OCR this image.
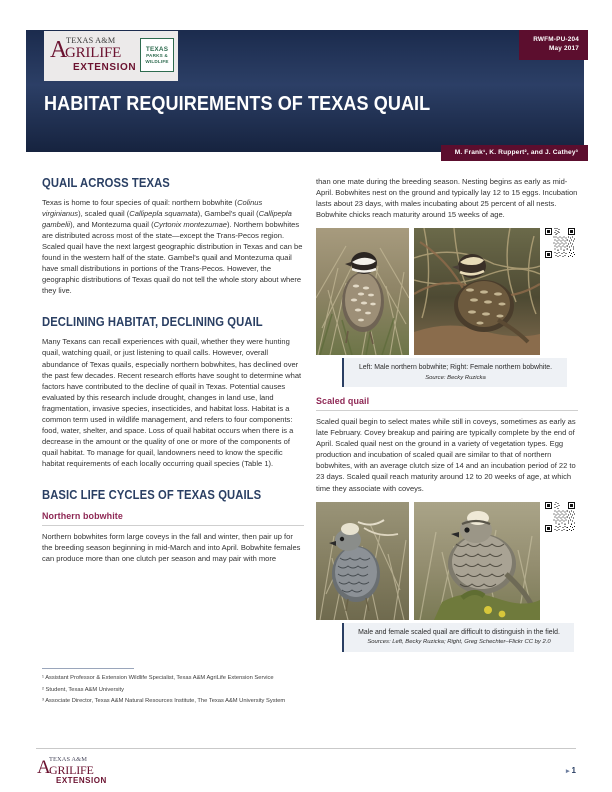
A
TEXAS A&M
GRILIFE
EXTENSION
TEXAS
PARKS &
WILDLIFE
RWFM-PU-204
May 2017
HABITAT REQUIREMENTS OF TEXAS QUAIL
M. Frank¹, K. Ruppert², and J. Cathey³
QUAIL ACROSS TEXAS

Texas is home to four species of quail: northern bobwhite (Colinus virginianus), scaled quail (Callipepla squamata), Gambel's quail (Callipepla gambelii), and Montezuma quail (Cyrtonix montezumae). Northern bobwhites are distributed across most of the state—except the Trans-Pecos region. Scaled quail have the next largest geographic distribution in Texas and can be found in the western half of the state. Gambel's quail and Montezuma quail have small distributions in portions of the Trans-Pecos. However, the geographic distributions of Texas quail do not tell the whole story about where they live.

DECLINING HABITAT, DECLINING QUAIL

Many Texans can recall experiences with quail, whether they were hunting quail, watching quail, or just listening to quail calls. However, overall abundance of Texas quails, especially northern bobwhites, has declined over the past few decades. Recent research efforts have sought to determine what factors have contributed to the decline of quail in Texas. Potential causes evaluated by this research include drought, changes in land use, land fragmentation, invasive species, insecticides, and habitat loss. Habitat is a common term used in wildlife management, and refers to four components: food, water, shelter, and space. Loss of quail habitat occurs when there is a decrease in the amount or the quality of one or more of the components of quail habitat. To manage for quail, landowners need to know the specific habitat requirements of each locally occurring quail species (Table 1).

BASIC LIFE CYCLES OF TEXAS QUAILS
Northern bobwhite

Northern bobwhites form large coveys in the fall and winter, then pair up for the breeding season beginning in mid-March and into April. Bobwhite females can produce more than one clutch per season and may pair with more

than one mate during the breeding season. Nesting begins as early as mid-April. Bobwhites nest on the ground and typically lay 12 to 15 eggs. Incubation lasts about 23 days, with males incubating about 25 percent of all nests. Bobwhite chicks reach maturity around 15 weeks of age.

Left: Male northern bobwhite; Right: Female northern bobwhite. Source: Becky Ruzicka
Scaled quail

Scaled quail begin to select mates while still in coveys, sometimes as early as late February. Covey breakup and pairing are typically complete by the end of April. Scaled quail nest on the ground in a variety of vegetation types. Egg production and incubation of scaled quail are similar to that of northern bobwhites, with an average clutch size of 14 and an incubation period of 22 to 23 days. Scaled quail reach maturity around 12 to 20 weeks of age, at which time they associate with coveys.

Male and female scaled quail are difficult to distinguish in the field. Sources: Left, Becky Ruzicka; Right, Greg Schechter–Flickr CC by 2.0

¹ Assistant Professor & Extension Wildlife Specialist, Texas A&M AgriLife Extension Service

² Student, Texas A&M University

³ Associate Director, Texas A&M Natural Resources Institute, The Texas A&M University System

A
TEXAS A&M
GRILIFE
EXTENSION
▸ 1
